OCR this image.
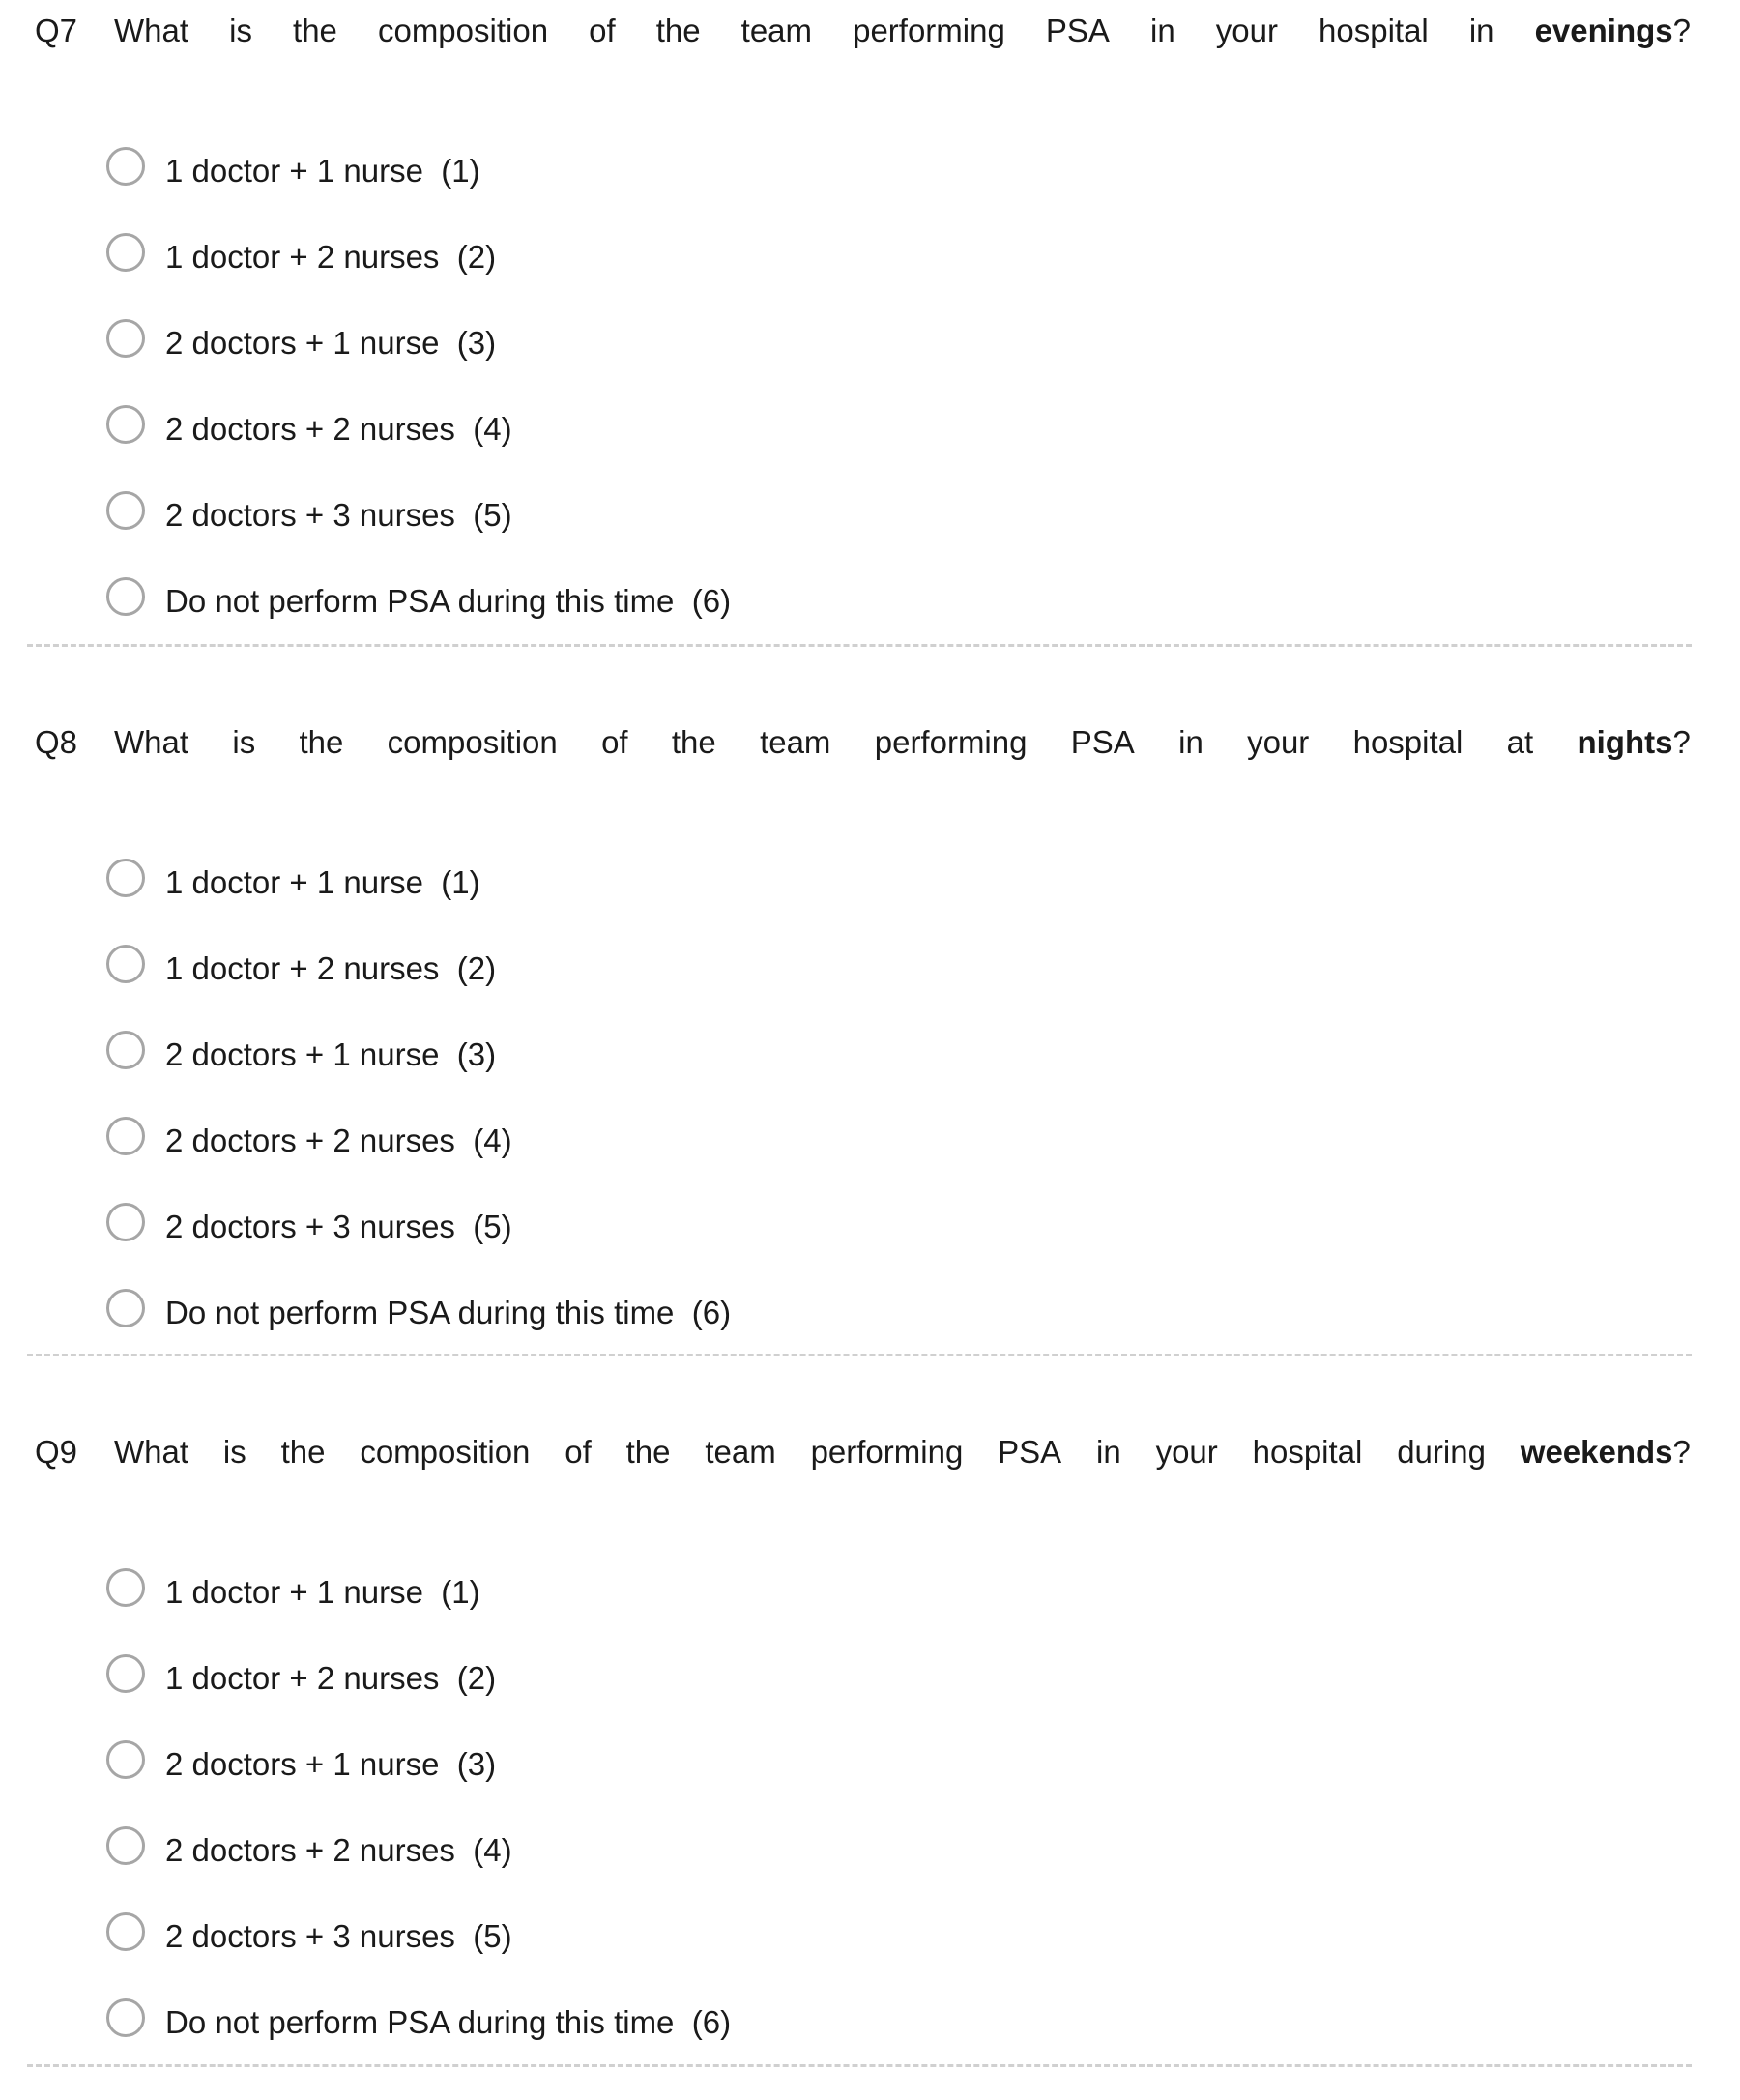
Q7 What is the composition of the team performing PSA in your hospital in evenings?
1 doctor + 1 nurse  (1)
1 doctor + 2 nurses  (2)
2 doctors + 1 nurse  (3)
2 doctors + 2 nurses  (4)
2 doctors + 3 nurses  (5)
Do not perform PSA during this time  (6)
Q8 What is the composition of the team performing PSA in your hospital at nights?
1 doctor + 1 nurse  (1)
1 doctor + 2 nurses  (2)
2 doctors + 1 nurse  (3)
2 doctors + 2 nurses  (4)
2 doctors + 3 nurses  (5)
Do not perform PSA during this time  (6)
Q9 What is the composition of the team performing PSA in your hospital during weekends?
1 doctor + 1 nurse  (1)
1 doctor + 2 nurses  (2)
2 doctors + 1 nurse  (3)
2 doctors + 2 nurses  (4)
2 doctors + 3 nurses  (5)
Do not perform PSA during this time  (6)
